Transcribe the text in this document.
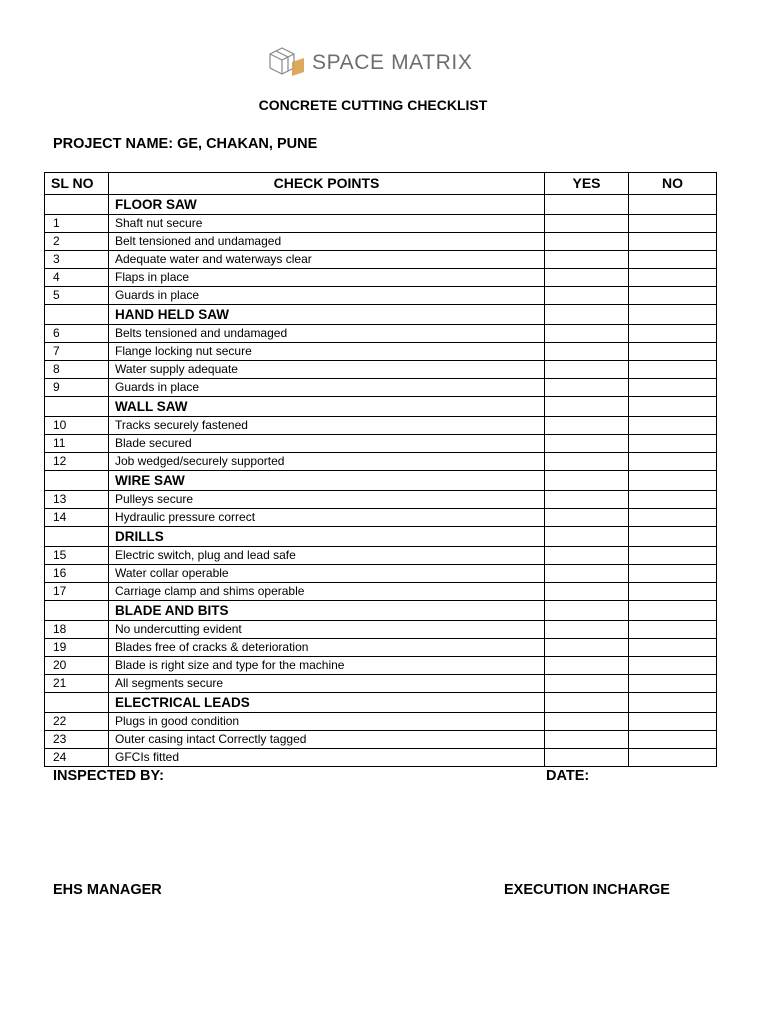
SPACE MATRIX
CONCRETE CUTTING CHECKLIST
PROJECT NAME: GE, CHAKAN, PUNE
SL NO	CHECK POINTS	YES	NO
	FLOOR SAW		
1	Shaft nut secure		
2	Belt tensioned and undamaged		
3	Adequate water and waterways clear		
4	Flaps in place		
5	Guards in place		
	HAND HELD SAW		
6	Belts tensioned and undamaged		
7	Flange locking nut secure		
8	Water supply adequate		
9	Guards in place		
	WALL SAW		
10	Tracks securely fastened		
11	Blade secured		
12	Job wedged/securely supported		
	WIRE SAW		
13	Pulleys secure		
14	Hydraulic pressure correct		
	DRILLS		
15	Electric switch, plug and lead safe		
16	Water collar operable		
17	Carriage clamp and shims operable		
	BLADE AND BITS		
18	No undercutting evident		
19	Blades free of cracks & deterioration		
20	Blade is right size and type for the machine		
21	All segments secure		
	ELECTRICAL LEADS		
22	Plugs in good condition		
23	Outer casing intact Correctly tagged		
24	GFCIs fitted		
INSPECTED BY:	DATE:
EHS MANAGER	EXECUTION INCHARGE
